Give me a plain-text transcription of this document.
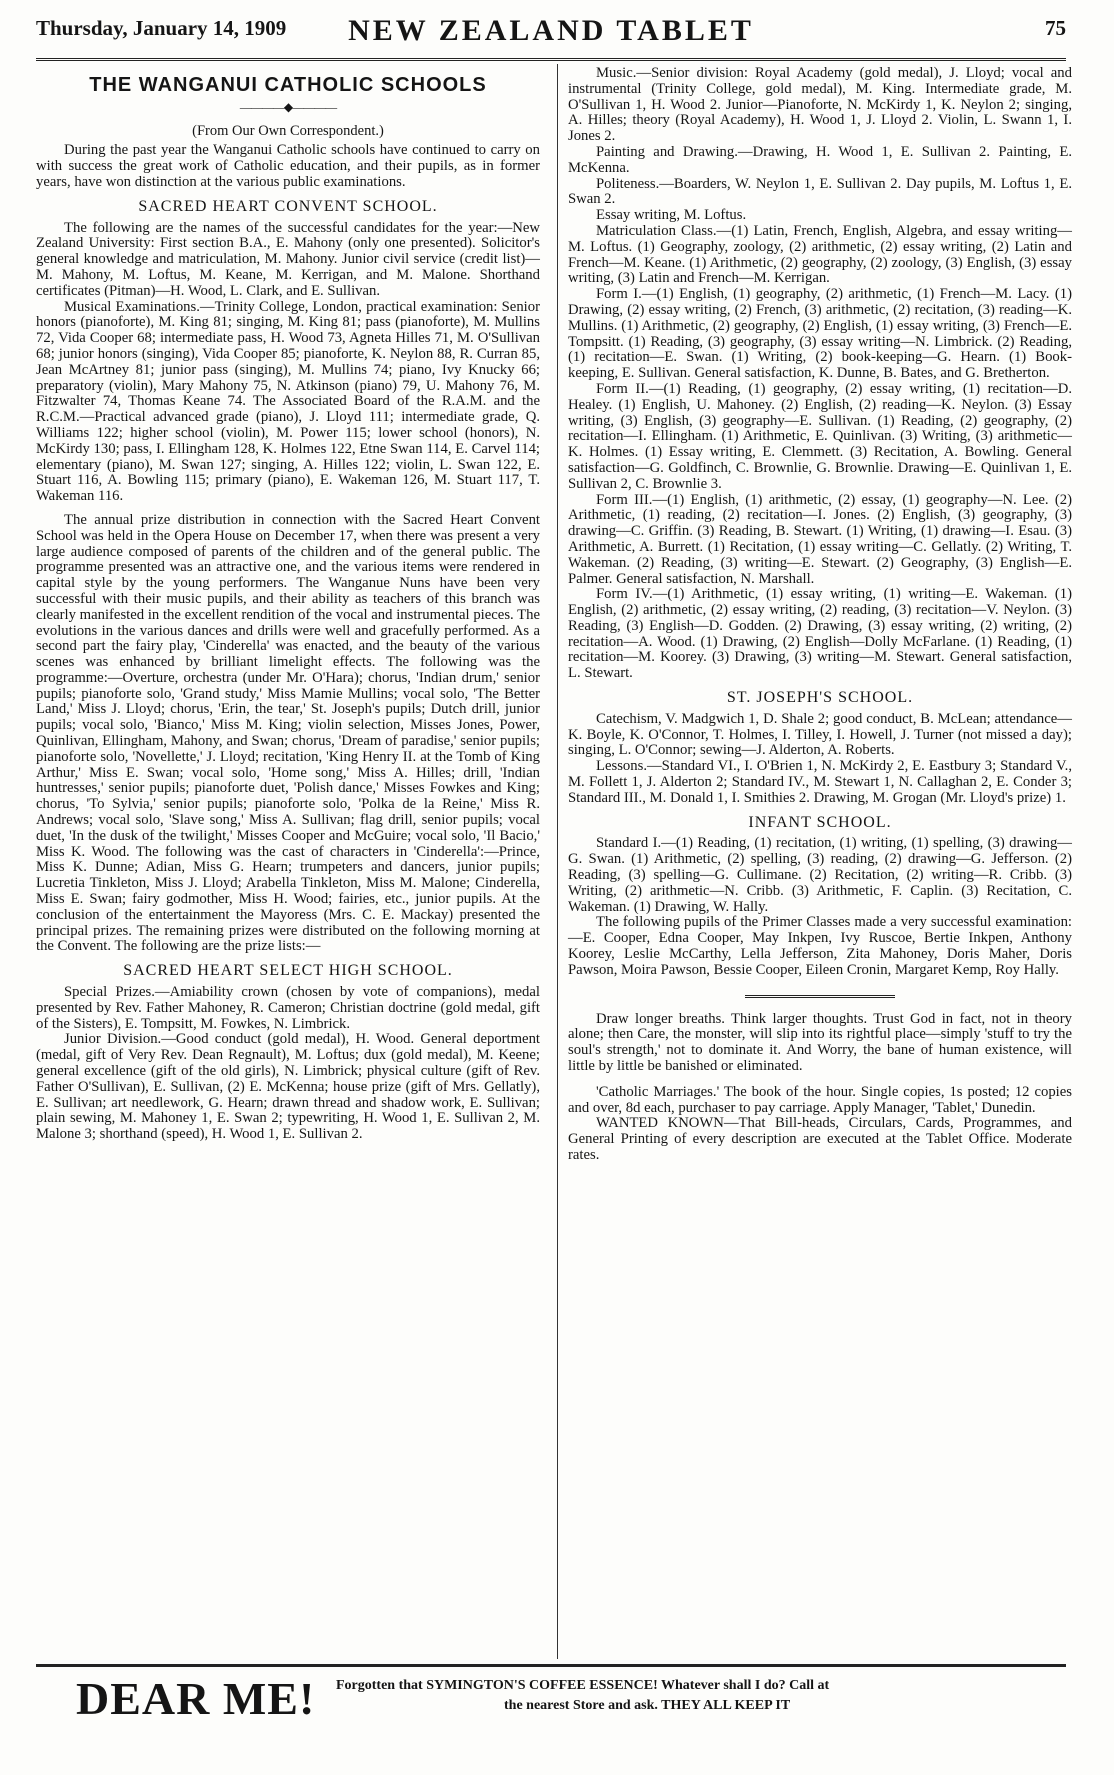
Thursday, January 14, 1909	NEW ZEALAND TABLET	75
THE WANGANUI CATHOLIC SCHOOLS
————◆————
(From Our Own Correspondent.)

During the past year the Wanganui Catholic schools have continued to carry on with success the great work of Catholic education, and their pupils, as in former years, have won distinction at the various public examinations.

SACRED HEART CONVENT SCHOOL.

The following are the names of the successful candidates for the year:—New Zealand University: First section B.A., E. Mahony (only one presented). Solicitor's general knowledge and matriculation, M. Mahony. Junior civil service (credit list)—M. Mahony, M. Loftus, M. Keane, M. Kerrigan, and M. Malone. Shorthand certificates (Pitman)—H. Wood, L. Clark, and E. Sullivan.

Musical Examinations.—Trinity College, London, practical examination: Senior honors (pianoforte), M. King 81; singing, M. King 81; pass (pianoforte), M. Mullins 72, Vida Cooper 68; intermediate pass, H. Wood 73, Agneta Hilles 71, M. O'Sullivan 68; junior honors (singing), Vida Cooper 85; pianoforte, K. Neylon 88, R. Curran 85, Jean McArtney 81; junior pass (singing), M. Mullins 74; piano, Ivy Knucky 66; preparatory (violin), Mary Mahony 75, N. Atkinson (piano) 79, U. Mahony 76, M. Fitzwalter 74, Thomas Keane 74. The Associated Board of the R.A.M. and the R.C.M.—Practical advanced grade (piano), J. Lloyd 111; intermediate grade, Q. Williams 122; higher school (violin), M. Power 115; lower school (honors), N. McKirdy 130; pass, I. Ellingham 128, K. Holmes 122, Etne Swan 114, E. Carvel 114; elementary (piano), M. Swan 127; singing, A. Hilles 122; violin, L. Swan 122, E. Stuart 116, A. Bowling 115; primary (piano), E. Wakeman 126, M. Stuart 117, T. Wakeman 116.

The annual prize distribution in connection with the Sacred Heart Convent School was held in the Opera House on December 17, when there was present a very large audience composed of parents of the children and of the general public. The programme presented was an attractive one, and the various items were rendered in capital style by the young performers. The Wanganue Nuns have been very successful with their music pupils, and their ability as teachers of this branch was clearly manifested in the excellent rendition of the vocal and instrumental pieces. The evolutions in the various dances and drills were well and gracefully performed. As a second part the fairy play, 'Cinderella' was enacted, and the beauty of the various scenes was enhanced by brilliant limelight effects. The following was the programme:—Overture, orchestra (under Mr. O'Hara); chorus, 'Indian drum,' senior pupils; pianoforte solo, 'Grand study,' Miss Mamie Mullins; vocal solo, 'The Better Land,' Miss J. Lloyd; chorus, 'Erin, the tear,' St. Joseph's pupils; Dutch drill, junior pupils; vocal solo, 'Bianco,' Miss M. King; violin selection, Misses Jones, Power, Quinlivan, Ellingham, Mahony, and Swan; chorus, 'Dream of paradise,' senior pupils; pianoforte solo, 'Novellette,' J. Lloyd; recitation, 'King Henry II. at the Tomb of King Arthur,' Miss E. Swan; vocal solo, 'Home song,' Miss A. Hilles; drill, 'Indian huntresses,' senior pupils; pianoforte duet, 'Polish dance,' Misses Fowkes and King; chorus, 'To Sylvia,' senior pupils; pianoforte solo, 'Polka de la Reine,' Miss R. Andrews; vocal solo, 'Slave song,' Miss A. Sullivan; flag drill, senior pupils; vocal duet, 'In the dusk of the twilight,' Misses Cooper and McGuire; vocal solo, 'Il Bacio,' Miss K. Wood. The following was the cast of characters in 'Cinderella':—Prince, Miss K. Dunne; Adian, Miss G. Hearn; trumpeters and dancers, junior pupils; Lucretia Tinkleton, Miss J. Lloyd; Arabella Tinkleton, Miss M. Malone; Cinderella, Miss E. Swan; fairy godmother, Miss H. Wood; fairies, etc., junior pupils. At the conclusion of the entertainment the Mayoress (Mrs. C. E. Mackay) presented the principal prizes. The remaining prizes were distributed on the following morning at the Convent. The following are the prize lists:—

SACRED HEART SELECT HIGH SCHOOL.

Special Prizes.—Amiability crown (chosen by vote of companions), medal presented by Rev. Father Mahoney, R. Cameron; Christian doctrine (gold medal, gift of the Sisters), E. Tompsitt, M. Fowkes, N. Limbrick.

Junior Division.—Good conduct (gold medal), H. Wood. General deportment (medal, gift of Very Rev. Dean Regnault), M. Loftus; dux (gold medal), M. Keene; general excellence (gift of the old girls), N. Limbrick; physical culture (gift of Rev. Father O'Sullivan), E. Sullivan, (2) E. McKenna; house prize (gift of Mrs. Gellatly), E. Sullivan; art needlework, G. Hearn; drawn thread and shadow work, E. Sullivan; plain sewing, M. Mahoney 1, E. Swan 2; typewriting, H. Wood 1, E. Sullivan 2, M. Malone 3; shorthand (speed), H. Wood 1, E. Sullivan 2.

Music.—Senior division: Royal Academy (gold medal), J. Lloyd; vocal and instrumental (Trinity College, gold medal), M. King. Intermediate grade, M. O'Sullivan 1, H. Wood 2. Junior—Pianoforte, N. McKirdy 1, K. Neylon 2; singing, A. Hilles; theory (Royal Academy), H. Wood 1, J. Lloyd 2. Violin, L. Swann 1, I. Jones 2.

Painting and Drawing.—Drawing, H. Wood 1, E. Sullivan 2. Painting, E. McKenna.

Politeness.—Boarders, W. Neylon 1, E. Sullivan 2. Day pupils, M. Loftus 1, E. Swan 2.

Essay writing, M. Loftus.

Matriculation Class.—(1) Latin, French, English, Algebra, and essay writing—M. Loftus. (1) Geography, zoology, (2) arithmetic, (2) essay writing, (2) Latin and French—M. Keane. (1) Arithmetic, (2) geography, (2) zoology, (3) English, (3) essay writing, (3) Latin and French—M. Kerrigan.

Form I.—(1) English, (1) geography, (2) arithmetic, (1) French—M. Lacy. (1) Drawing, (2) essay writing, (2) French, (3) arithmetic, (2) recitation, (3) reading—K. Mullins. (1) Arithmetic, (2) geography, (2) English, (1) essay writing, (3) French—E. Tompsitt. (1) Reading, (3) geography, (3) essay writing—N. Limbrick. (2) Reading, (1) recitation—E. Swan. (1) Writing, (2) book-keeping—G. Hearn. (1) Book-keeping, E. Sullivan. General satisfaction, K. Dunne, B. Bates, and G. Bretherton.

Form II.—(1) Reading, (1) geography, (2) essay writing, (1) recitation—D. Healey. (1) English, U. Mahoney. (2) English, (2) reading—K. Neylon. (3) Essay writing, (3) English, (3) geography—E. Sullivan. (1) Reading, (2) geography, (2) recitation—I. Ellingham. (1) Arithmetic, E. Quinlivan. (3) Writing, (3) arithmetic—K. Holmes. (1) Essay writing, E. Clemmett. (3) Recitation, A. Bowling. General satisfaction—G. Goldfinch, C. Brownlie, G. Brownlie. Drawing—E. Quinlivan 1, E. Sullivan 2, C. Brownlie 3.

Form III.—(1) English, (1) arithmetic, (2) essay, (1) geography—N. Lee. (2) Arithmetic, (1) reading, (2) recitation—I. Jones. (2) English, (3) geography, (3) drawing—C. Griffin. (3) Reading, B. Stewart. (1) Writing, (1) drawing—I. Esau. (3) Arithmetic, A. Burrett. (1) Recitation, (1) essay writing—C. Gellatly. (2) Writing, T. Wakeman. (2) Reading, (3) writing—E. Stewart. (2) Geography, (3) English—E. Palmer. General satisfaction, N. Marshall.

Form IV.—(1) Arithmetic, (1) essay writing, (1) writing—E. Wakeman. (1) English, (2) arithmetic, (2) essay writing, (2) reading, (3) recitation—V. Neylon. (3) Reading, (3) English—D. Godden. (2) Drawing, (3) essay writing, (2) writing, (2) recitation—A. Wood. (1) Drawing, (2) English—Dolly McFarlane. (1) Reading, (1) recitation—M. Koorey. (3) Drawing, (3) writing—M. Stewart. General satisfaction, L. Stewart.

ST. JOSEPH'S SCHOOL.

Catechism, V. Madgwich 1, D. Shale 2; good conduct, B. McLean; attendance—K. Boyle, K. O'Connor, T. Holmes, I. Tilley, I. Howell, J. Turner (not missed a day); singing, L. O'Connor; sewing—J. Alderton, A. Roberts.

Lessons.—Standard VI., I. O'Brien 1, N. McKirdy 2, E. Eastbury 3; Standard V., M. Follett 1, J. Alderton 2; Standard IV., M. Stewart 1, N. Callaghan 2, E. Conder 3; Standard III., M. Donald 1, I. Smithies 2. Drawing, M. Grogan (Mr. Lloyd's prize) 1.

INFANT SCHOOL.

Standard I.—(1) Reading, (1) recitation, (1) writing, (1) spelling, (3) drawing—G. Swan. (1) Arithmetic, (2) spelling, (3) reading, (2) drawing—G. Jefferson. (2) Reading, (3) spelling—G. Cullimane. (2) Recitation, (2) writing—R. Cribb. (3) Writing, (2) arithmetic—N. Cribb. (3) Arithmetic, F. Caplin. (3) Recitation, C. Wakeman. (1) Drawing, W. Hally.

The following pupils of the Primer Classes made a very successful examination:—E. Cooper, Edna Cooper, May Inkpen, Ivy Ruscoe, Bertie Inkpen, Anthony Koorey, Leslie McCarthy, Lella Jefferson, Zita Mahoney, Doris Maher, Doris Pawson, Moira Pawson, Bessie Cooper, Eileen Cronin, Margaret Kemp, Roy Hally.

Draw longer breaths. Think larger thoughts. Trust God in fact, not in theory alone; then Care, the monster, will slip into its rightful place—simply 'stuff to try the soul's strength,' not to dominate it. And Worry, the bane of human existence, will little by little be banished or eliminated.

'Catholic Marriages.' The book of the hour. Single copies, 1s posted; 12 copies and over, 8d each, purchaser to pay carriage. Apply Manager, 'Tablet,' Dunedin.

WANTED KNOWN—That Bill-heads, Circulars, Cards, Programmes, and General Printing of every description are executed at the Tablet Office. Moderate rates.

DEAR ME! Forgotten that SYMINGTON'S COFFEE ESSENCE! Whatever shall I do? Call at
the nearest Store and ask. THEY ALL KEEP IT
